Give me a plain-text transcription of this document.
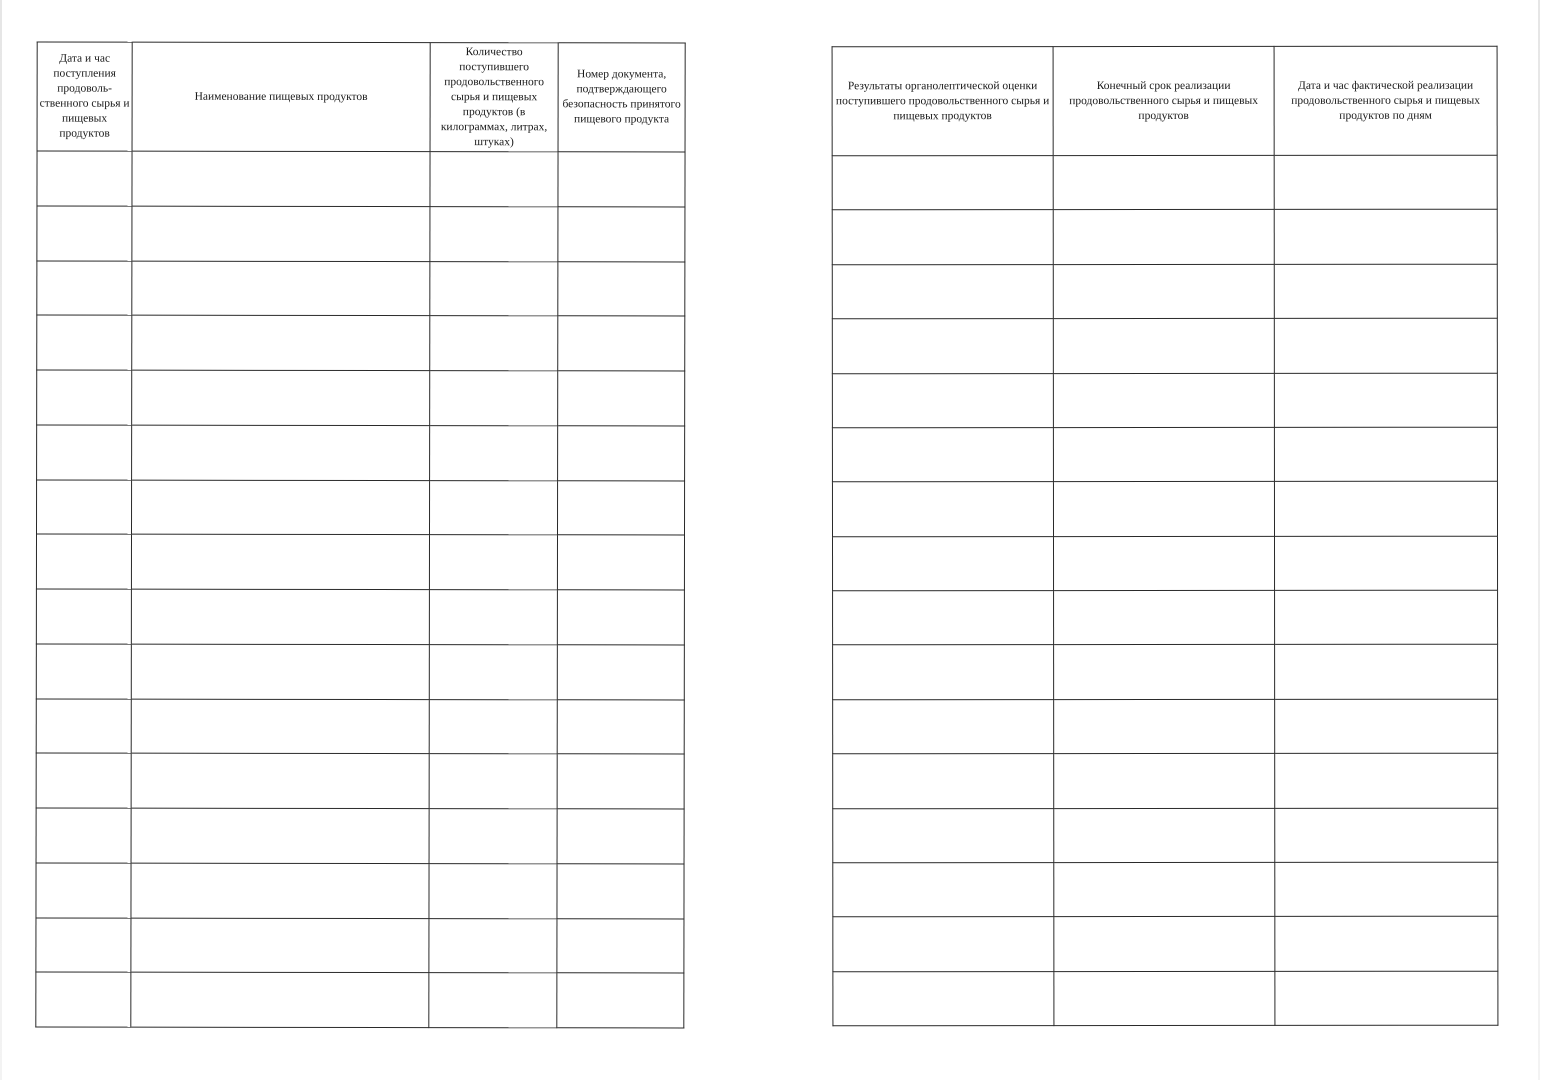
Дата и час поступления продоволь-ственного сырья и пищевых продуктов	Наименование пищевых продуктов	Количество поступившего продовольственного сырья и пищевых продуктов (в килограммах, литрах, штуках)	Номер документа, подтверждающего безопасность принятого пищевого продукта

Результаты органолептической оценки поступившего продовольственного сырья и пищевых продуктов	Конечный срок реализации продовольственного сырья и пищевых продуктов	Дата и час фактической реализации продовольственного сырья и пищевых продуктов по дням
